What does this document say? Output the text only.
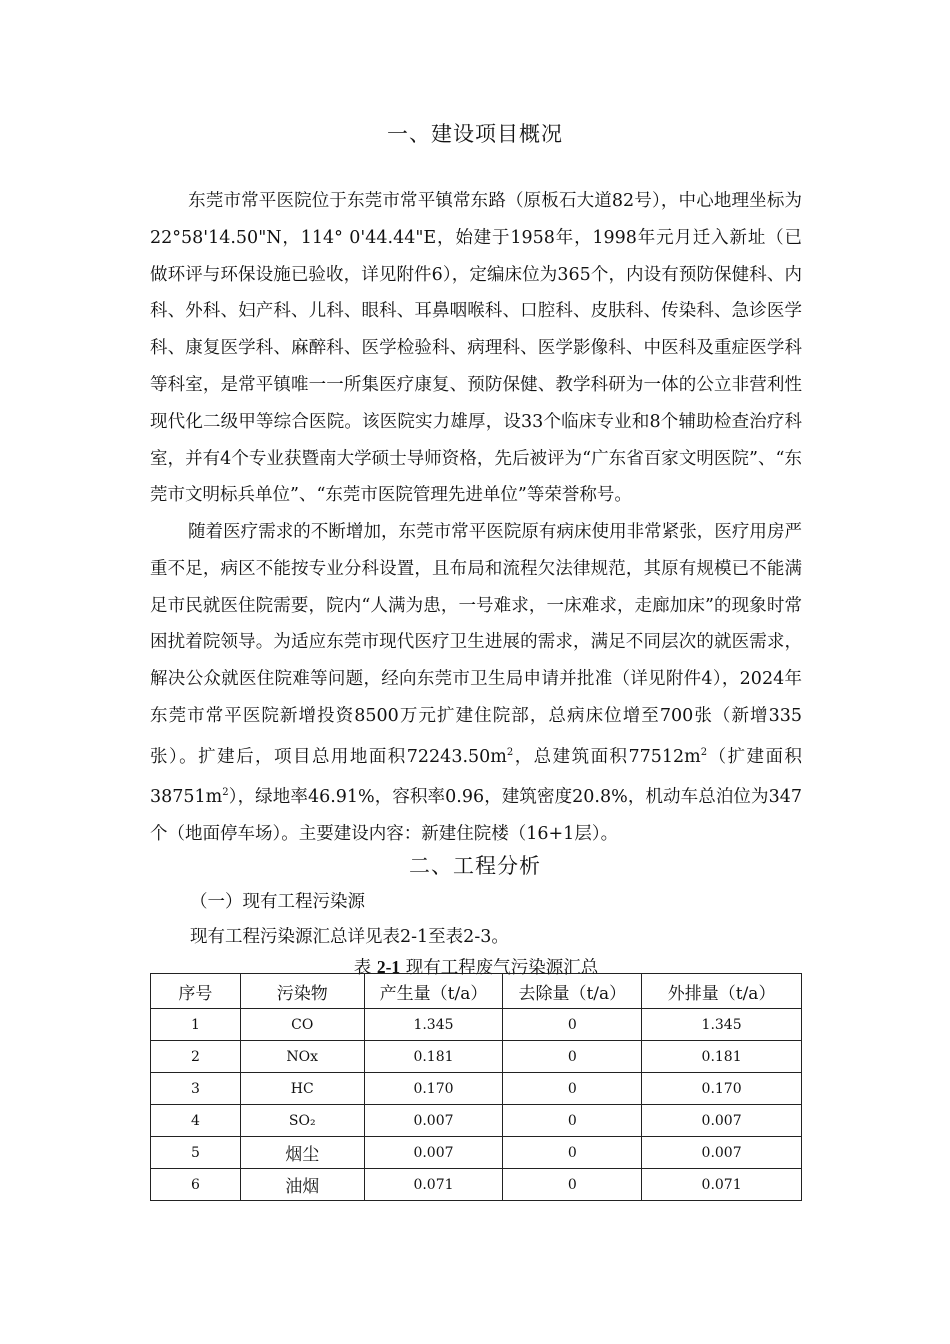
一、建设项目概况

东莞市常平医院位于东莞市常平镇常东路（原板石大道82号），中心地理坐标为22°58'14.50"N，114° 0'44.44"E，始建于1958年，1998年元月迁入新址（已做环评与环保设施已验收，详见附件6），定编床位为365个，内设有预防保健科、内科、外科、妇产科、儿科、眼科、耳鼻咽喉科、口腔科、皮肤科、传染科、急诊医学科、康复医学科、麻醉科、医学检验科、病理科、医学影像科、中医科及重症医学科等科室，是常平镇唯一一所集医疗康复、预防保健、教学科研为一体的公立非营利性现代化二级甲等综合医院。该医院实力雄厚，设33个临床专业和8个辅助检查治疗科室，并有4个专业获暨南大学硕士导师资格，先后被评为“广东省百家文明医院”、“东莞市文明标兵单位”、“东莞市医院管理先进单位”等荣誉称号。

随着医疗需求的不断增加，东莞市常平医院原有病床使用非常紧张，医疗用房严重不足，病区不能按专业分科设置，且布局和流程欠法律规范，其原有规模已不能满足市民就医住院需要，院内“人满为患，一号难求，一床难求，走廊加床”的现象时常困扰着院领导。为适应东莞市现代医疗卫生进展的需求，满足不同层次的就医需求，解决公众就医住院难等问题，经向东莞市卫生局申请并批准（详见附件4），2024年东莞市常平医院新增投资8500万元扩建住院部，总病床位增至700张（新增335张）。扩建后，项目总用地面积$72243.50m^2$，总建筑面积$77512m^2$（扩建面积$38751m^2$），绿地率46.91%，容积率0.96，建筑密度20.8%，机动车总泊位为347个（地面停车场）。主要建设内容：新建住院楼（16+1层）。

二、工程分析

（一）现有工程污染源

现有工程污染源汇总详见表2-1至表2-3。

表 2-1 现有工程废气污染源汇总
序号	污染物	产生量（t/a）	去除量（t/a）	外排量（t/a）
1	CO	1.345	0	1.345
2	NOx	0.181	0	0.181
3	HC	0.170	0	0.170
4	SO₂	0.007	0	0.007
5	烟尘	0.007	0	0.007
6	油烟	0.071	0	0.071
